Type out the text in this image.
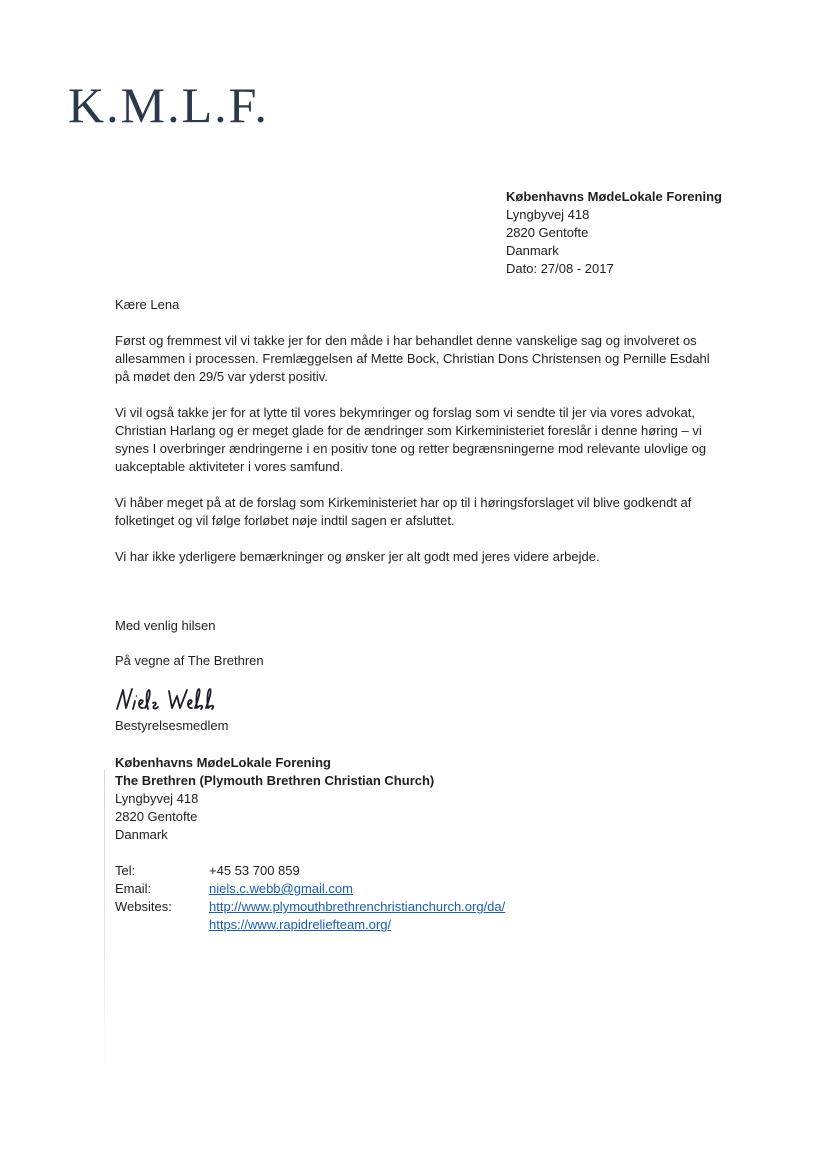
K.M.L.F.
Københavns MødeLokale Forening
Lyngbyvej 418
2820 Gentofte
Danmark
Dato: 27/08 - 2017

Kære Lena

Først og fremmest vil vi takke jer for den måde i har behandlet denne vanskelige sag og involveret os allesammen i processen. Fremlæggelsen af Mette Bock, Christian Dons Christensen og Pernille Esdahl på mødet den 29/5 var yderst positiv.

Vi vil også takke jer for at lytte til vores bekymringer og forslag som vi sendte til jer via vores advokat, Christian Harlang og er meget glade for de ændringer som Kirkeministeriet foreslår i denne høring – vi synes I overbringer ændringerne i en positiv tone og retter begrænsningerne mod relevante ulovlige og uakceptable aktiviteter i vores samfund.

Vi håber meget på at de forslag som Kirkeministeriet har op til i høringsforslaget vil blive godkendt af folketinget og vil følge forløbet nøje indtil sagen er afsluttet.

Vi har ikke yderligere bemærkninger og ønsker jer alt godt med jeres videre arbejde.

Med venlig hilsen
På vegne af The Brethren
Bestyrelsesmedlem
Københavns MødeLokale Forening
The Brethren (Plymouth Brethren Christian Church)
Lyngbyvej 418
2820 Gentofte
Danmark
Tel:	+45 53 700 859
Email:	niels.c.webb@gmail.com
Websites:	http://www.plymouthbrethrenchristianchurch.org/da/
https://www.rapidreliefteam.org/
